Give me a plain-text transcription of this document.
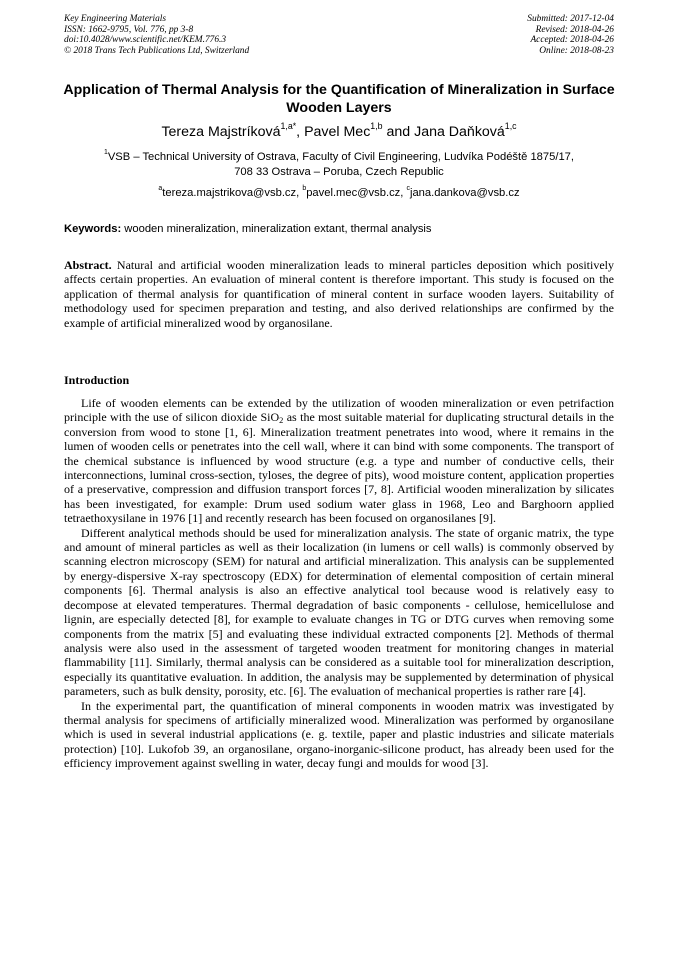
Key Engineering Materials
ISSN: 1662-9795, Vol. 776, pp 3-8
doi:10.4028/www.scientific.net/KEM.776.3
© 2018 Trans Tech Publications Ltd, Switzerland
Submitted: 2017-12-04
Revised: 2018-04-26
Accepted: 2018-04-26
Online: 2018-08-23
Application of Thermal Analysis for the Quantification of Mineralization in Surface Wooden Layers
Tereza Majstríková$^{1,a*}$, Pavel Mec$^{1,b}$ and Jana Daňková$^{1,c}$
$^1$VSB – Technical University of Ostrava, Faculty of Civil Engineering, Ludvíka Podéště 1875/17,
708 33 Ostrava – Poruba, Czech Republic
$^a$tereza.majstrikova@vsb.cz, $^b$pavel.mec@vsb.cz, $^c$jana.dankova@vsb.cz
Keywords: wooden mineralization, mineralization extant, thermal analysis
Abstract. Natural and artificial wooden mineralization leads to mineral particles deposition which positively affects certain properties. An evaluation of mineral content is therefore important. This study is focused on the application of thermal analysis for quantification of mineral content in surface wooden layers. Suitability of methodology used for specimen preparation and testing, and also derived relationships are confirmed by the example of artificial mineralized wood by organosilane.
Introduction

Life of wooden elements can be extended by the utilization of wooden mineralization or even petrifaction principle with the use of silicon dioxide SiO$_2$ as the most suitable material for duplicating structural details in the conversion from wood to stone [1, 6]. Mineralization treatment penetrates into wood, where it remains in the lumen of wooden cells or penetrates into the cell wall, where it can bind with some components. The transport of the chemical substance is influenced by wood structure (e.g. a type and number of conductive cells, their interconnections, luminal cross-section, tyloses, the degree of pits), wood moisture content, application properties of a preservative, compression and diffusion transport forces [7, 8]. Artificial wooden mineralization by silicates has been investigated, for example: Drum used sodium water glass in 1968, Leo and Barghoorn applied tetraethoxysilane in 1976 [1] and recently research has been focused on organosilanes [9].

Different analytical methods should be used for mineralization analysis. The state of organic matrix, the type and amount of mineral particles as well as their localization (in lumens or cell walls) is commonly observed by scanning electron microscopy (SEM) for natural and artificial mineralization. This analysis can be supplemented by energy-dispersive X-ray spectroscopy (EDX) for determination of elemental composition of certain mineral components [6]. Thermal analysis is also an effective analytical tool because wood is relatively easy to decompose at elevated temperatures. Thermal degradation of basic components - cellulose, hemicellulose and lignin, are especially detected [8], for example to evaluate changes in TG or DTG curves when removing some components from the matrix [5] and evaluating these individual extracted components [2]. Methods of thermal analysis were also used in the assessment of targeted wooden treatment for monitoring changes in material flammability [11]. Similarly, thermal analysis can be considered as a suitable tool for mineralization description, especially its quantitative evaluation. In addition, the analysis may be supplemented by determination of physical parameters, such as bulk density, porosity, etc. [6]. The evaluation of mechanical properties is rather rare [4].

In the experimental part, the quantification of mineral components in wooden matrix was investigated by thermal analysis for specimens of artificially mineralized wood. Mineralization was performed by organosilane which is used in several industrial applications (e. g. textile, paper and plastic industries and silicate materials protection) [10]. Lukofob 39, an organosilane, organo-inorganic-silicone product, has already been used for the efficiency improvement against swelling in water, decay fungi and moulds for wood [3].
